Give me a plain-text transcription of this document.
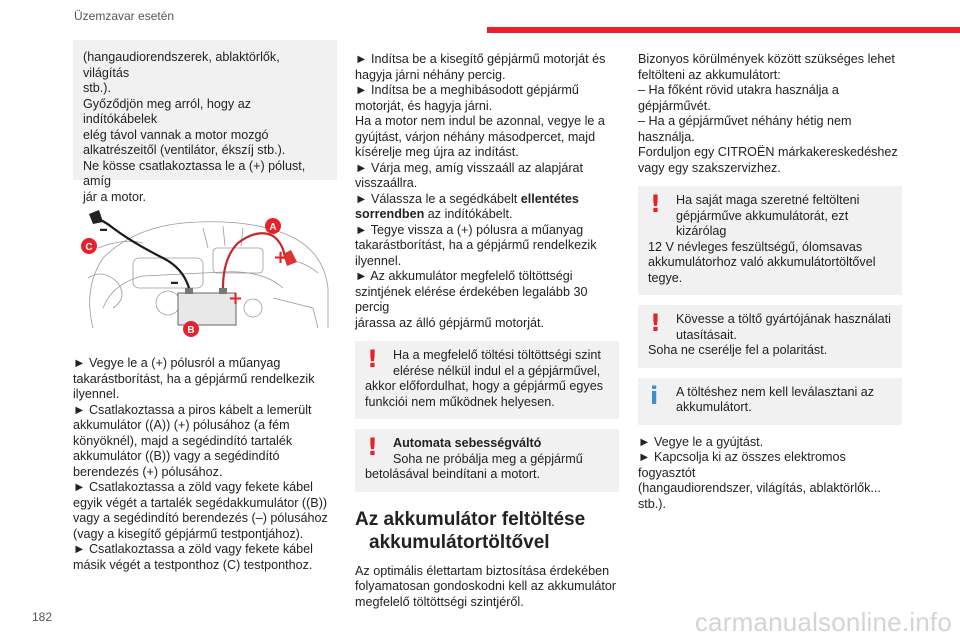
Üzemzavar esetén
(hangaudiorendszerek, ablaktörlők, világítás
stb.).
Győződjön meg arról, hogy az indítókábelek
elég távol vannak a motor mozgó
alkatrészeitől (ventilátor, ékszíj stb.).
Ne kösse csatlakoztassa le a (+) pólust, amíg
jár a motor.
A
B
C	+
+
–
–
► Vegye le a (+) pólusról a műanyag
takarástborítást, ha a gépjármű rendelkezik
ilyennel.
► Csatlakoztassa a piros kábelt a lemerült
akkumulátor ((A)) (+) pólusához (a fém
könyöknél), majd a segédindító tartalék
akkumulátor ((B)) vagy a segédindító
berendezés (+) pólusához.
► Csatlakoztassa a zöld vagy fekete kábel
egyik végét a tartalék segédakkumulátor ((B))
vagy a segédindító berendezés (–) pólusához
(vagy a kisegítő gépjármű testpontjához).
► Csatlakoztassa a zöld vagy fekete kábel
másik végét a testponthoz (C) testponthoz.
► Indítsa be a kisegítő gépjármű motorját és
hagyja járni néhány percig.
► Indítsa be a meghibásodott gépjármű
motorját, és hagyja járni.
Ha a motor nem indul be azonnal, vegye le a
gyújtást, várjon néhány másodpercet, majd
kísérelje meg újra az indítást.
► Várja meg, amíg visszaáll az alapjárat
visszaállra.
► Válassza le a segédkábelt ellentétes
sorrendben az indítókábelt.
► Tegye vissza a (+) pólusra a műanyag
takarástborítást, ha a gépjármű rendelkezik
ilyennel.
► Az akkumulátor megfelelő töltöttségi
szintjének elérése érdekében legalább 30 percig
járassa az álló gépjármű motorját.
!	Ha a megfelelő töltési töltöttségi szint
elérése nélkül indul el a gépjárművel,
akkor előfordulhat, hogy a gépjármű egyes
funkciói nem működnek helyesen.
!	Automata sebességváltó
Soha ne próbálja meg a gépjármű
betolásával beindítani a motort.
Az akkumulátor feltöltése
akkumulátortöltővel
Az optimális élettartam biztosítása érdekében
folyamatosan gondoskodni kell az akkumulátor
megfelelő töltöttségi szintjéről.
Bizonyos körülmények között szükséges lehet
feltölteni az akkumulátort:
– Ha főként rövid utakra használja a
gépjárművét.
– Ha a gépjárművet néhány hétig nem
használja.
Forduljon egy CITROËN márkakereskedéshez
vagy egy szakszervizhez.
!	Ha saját maga szeretné feltölteni
gépjárműve akkumulátorát, ezt kizárólag
12 V névleges feszültségű, ólomsavas
akkumulátorhoz való akkumulátortöltővel
tegye.
!	Kövesse a töltő gyártójának használati
utasításait.
Soha ne cserélje fel a polaritást.
i	A töltéshez nem kell leválasztani az
akkumulátort.
► Vegye le a gyújtást.
► Kapcsolja ki az összes elektromos fogyasztót
(hangaudiorendszer, világítás, ablaktörlők...
stb.).
182	carmanualsonline.info
